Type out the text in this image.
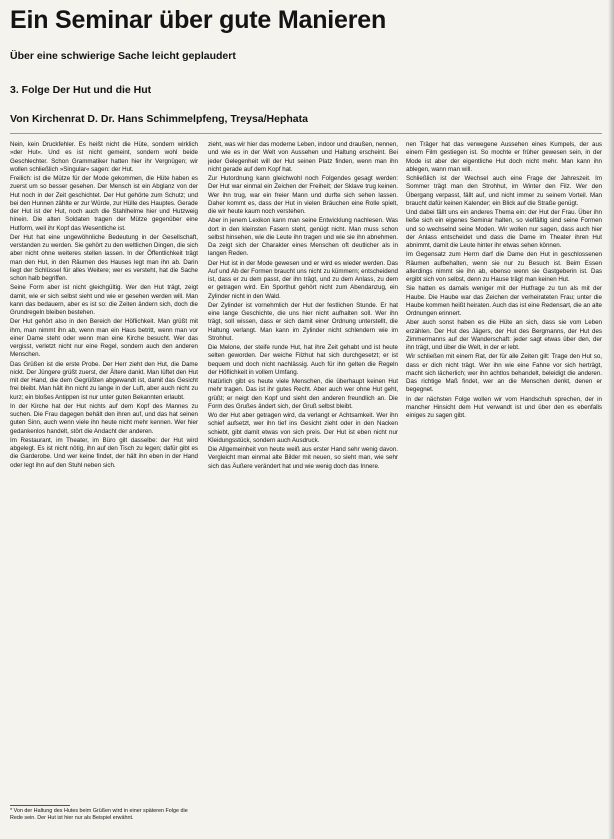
Ein Seminar über gute Manieren
Über eine schwierige Sache leicht geplaudert
3. Folge Der Hut und die Hut
Von Kirchenrat D. Dr. Hans Schimmelpfeng, Treysa/Hephata

Nein, kein Druckfehler. Es heißt nicht die Hüte, sondern wirklich »der Hut«. Und es ist nicht gemeint, sondern wohl beide Geschlechter. Schon Grammatiker hatten hier ihr Vergnügen; wir wollen schließlich »Singular« sagen: der Hut.

Freilich: ist die Mütze für der Mode gekommen, die Hüte haben es zuerst um so besser gesehen. Der Mensch ist ein Abglanz von der Hut noch in der Zeit geschichtet. Der Hut gehörte zum Schutz; und bei den Hunnen zählte er zur Würde, zur Hülle des Hauptes. Gerade der Hut ist der Hut, noch auch die Stahlhelme hier und Hutzweig hinein. Die alten Soldaten tragen der Mütze gegenüber eine Hutform, weil ihr Kopf das Wesentliche ist.

Der Hut hat eine ungewöhnliche Bedeutung in der Gesellschaft, verstanden zu werden. Sie gehört zu den weltlichen Dingen, die sich aber nicht ohne weiteres stellen lassen. In der Öffentlichkeit trägt man den Hut, in den Räumen des Hauses legt man ihn ab. Darin liegt der Schlüssel für alles Weitere; wer es versteht, hat die Sache schon halb begriffen.

Seine Form aber ist nicht gleichgültig. Wer den Hut trägt, zeigt damit, wie er sich selbst sieht und wie er gesehen werden will. Man kann das bedauern, aber es ist so: die Zeiten ändern sich, doch die Grundregeln bleiben bestehen.

Der Hut gehört also in den Bereich der Höflichkeit. Man grüßt mit ihm, man nimmt ihn ab, wenn man ein Haus betritt, wenn man vor einer Dame steht oder wenn man eine Kirche besucht. Wer das vergisst, verletzt nicht nur eine Regel, sondern auch den anderen Menschen.

Das Grüßen ist die erste Probe. Der Herr zieht den Hut, die Dame nickt. Der Jüngere grüßt zuerst, der Ältere dankt. Man lüftet den Hut mit der Hand, die dem Gegrüßten abgewandt ist, damit das Gesicht frei bleibt. Man hält ihn nicht zu lange in der Luft, aber auch nicht zu kurz; ein bloßes Antippen ist nur unter guten Bekannten erlaubt.

In der Kirche hat der Hut nichts auf dem Kopf des Mannes zu suchen. Die Frau dagegen behält den ihren auf, und das hat seinen guten Sinn, auch wenn viele ihn heute nicht mehr kennen. Wer hier gedankenlos handelt, stört die Andacht der anderen.

Im Restaurant, im Theater, im Büro gilt dasselbe: der Hut wird abgelegt. Es ist nicht nötig, ihn auf den Tisch zu legen; dafür gibt es die Garderobe. Und wer keine findet, der hält ihn eben in der Hand oder legt ihn auf den Stuhl neben sich.

* Von der Haltung des Hutes beim Grüßen wird in einer späteren Folge die Rede sein. Der Hut ist hier nur als Beispiel erwähnt.

zieht, was wir hier das moderne Leben, indoor und draußen, nennen, und wie es in der Welt von Aussehen und Haltung erscheint. Bei jeder Gelegenheit will der Hut seinen Platz finden, wenn man ihn nicht gerade auf dem Kopf hat.

Zur Hutordnung kann gleichwohl noch Folgendes gesagt werden: Der Hut war einmal ein Zeichen der Freiheit; der Sklave trug keinen. Wer ihn trug, war ein freier Mann und durfte sich sehen lassen. Daher kommt es, dass der Hut in vielen Bräuchen eine Rolle spielt, die wir heute kaum noch verstehen.

Aber in jenem Lexikon kann man seine Entwicklung nachlesen. Was dort in den kleinsten Fasern steht, genügt nicht. Man muss schon selbst hinsehen, wie die Leute ihn tragen und wie sie ihn abnehmen. Da zeigt sich der Charakter eines Menschen oft deutlicher als in langen Reden.

Der Hut ist in der Mode gewesen und er wird es wieder werden. Das Auf und Ab der Formen braucht uns nicht zu kümmern; entscheidend ist, dass er zu dem passt, der ihn trägt, und zu dem Anlass, zu dem er getragen wird. Ein Sporthut gehört nicht zum Abendanzug, ein Zylinder nicht in den Wald.

Der Zylinder ist vornehmlich der Hut der festlichen Stunde. Er hat eine lange Geschichte, die uns hier nicht aufhalten soll. Wer ihn trägt, soll wissen, dass er sich damit einer Ordnung unterstellt, die Haltung verlangt. Man kann im Zylinder nicht schlendern wie im Strohhut.

Die Melone, der steife runde Hut, hat ihre Zeit gehabt und ist heute selten geworden. Der weiche Filzhut hat sich durchgesetzt; er ist bequem und doch nicht nachlässig. Auch für ihn gelten die Regeln der Höflichkeit in vollem Umfang.

Natürlich gibt es heute viele Menschen, die überhaupt keinen Hut mehr tragen. Das ist ihr gutes Recht. Aber auch wer ohne Hut geht, grüßt; er neigt den Kopf und sieht den anderen freundlich an. Die Form des Grußes ändert sich, der Gruß selbst bleibt.

Wo der Hut aber getragen wird, da verlangt er Achtsamkeit. Wer ihn schief aufsetzt, wer ihn tief ins Gesicht zieht oder in den Nacken schiebt, gibt damit etwas von sich preis. Der Hut ist eben nicht nur Kleidungsstück, sondern auch Ausdruck.

Die Allgemeinheit von heute weiß aus erster Hand sehr wenig davon. Vergleicht man einmal alte Bilder mit neuen, so sieht man, wie sehr sich das Äußere verändert hat und wie wenig doch das Innere.

nen Träger hat das verwegene Aussehen eines Kumpels, der aus einem Film gestiegen ist. So mochte er früher gewesen sein, in der Mode ist aber der eigentliche Hut doch nicht mehr. Man kann ihn ablegen, wann man will.

Schließlich ist der Wechsel auch eine Frage der Jahreszeit. Im Sommer trägt man den Strohhut, im Winter den Filz. Wer den Übergang verpasst, fällt auf, und nicht immer zu seinem Vorteil. Man braucht dafür keinen Kalender; ein Blick auf die Straße genügt.

Und dabei fällt uns ein anderes Thema ein: der Hut der Frau. Über ihn ließe sich ein eigenes Seminar halten, so vielfältig sind seine Formen und so wechselnd seine Moden. Wir wollen nur sagen, dass auch hier der Anlass entscheidet und dass die Dame im Theater ihren Hut abnimmt, damit die Leute hinter ihr etwas sehen können.

Im Gegensatz zum Herrn darf die Dame den Hut in geschlossenen Räumen aufbehalten, wenn sie nur zu Besuch ist. Beim Essen allerdings nimmt sie ihn ab, ebenso wenn sie Gastgeberin ist. Das ergibt sich von selbst, denn zu Hause trägt man keinen Hut.

Sie hatten es damals weniger mit der Hutfrage zu tun als mit der Haube. Die Haube war das Zeichen der verheirateten Frau; unter die Haube kommen heißt heiraten. Auch das ist eine Redensart, die an alte Ordnungen erinnert.

Aber auch sonst haben es die Hüte an sich, dass sie vom Leben erzählen. Der Hut des Jägers, der Hut des Bergmanns, der Hut des Zimmermanns auf der Wanderschaft: jeder sagt etwas über den, der ihn trägt, und über die Welt, in der er lebt.

Wir schließen mit einem Rat, der für alle Zeiten gilt: Trage den Hut so, dass er dich nicht trägt. Wer ihn wie eine Fahne vor sich herträgt, macht sich lächerlich; wer ihn achtlos behandelt, beleidigt die anderen. Das richtige Maß findet, wer an die Menschen denkt, denen er begegnet.

In der nächsten Folge wollen wir vom Handschuh sprechen, der in mancher Hinsicht dem Hut verwandt ist und über den es ebenfalls einiges zu sagen gibt.
